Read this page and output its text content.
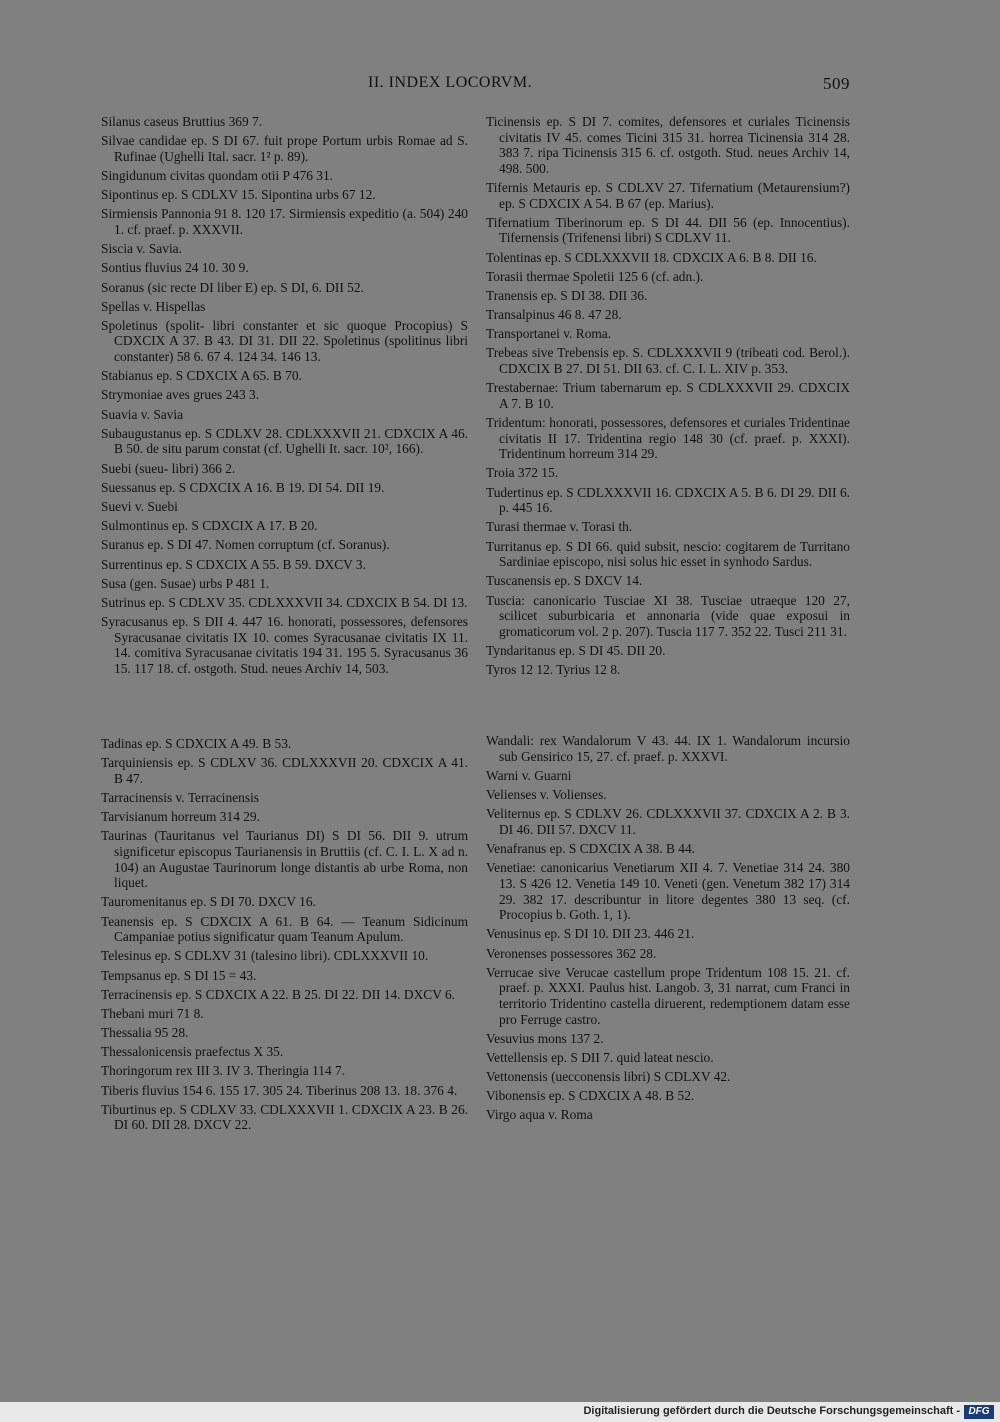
II. INDEX LOCORVM.	509
Silanus caseus Bruttius 369 7.
Silvae candidae ep. S DI 67. fuit prope Portum urbis Romae ad S. Rufinae (Ughelli Ital. sacr. 1² p. 89).
Singidunum civitas quondam otii P 476 31.
Sipontinus ep. S CDLXV 15. Sipontina urbs 67 12.
Sirmiensis Pannonia 91 8. 120 17. Sirmiensis expeditio (a. 504) 240 1. cf. praef. p. XXXVII.
Siscia v. Savia.
Sontius fluvius 24 10. 30 9.
Soranus (sic recte DI liber E) ep. S DI, 6. DII 52.
Spellas v. Hispellas
Spoletinus (spolit- libri constanter et sic quoque Procopius) S CDXCIX A 37. B 43. DI 31. DII 22. Spoletinus (spolitinus libri constanter) 58 6. 67 4. 124 34. 146 13.
Stabianus ep. S CDXCIX A 65. B 70.
Strymoniae aves grues 243 3.
Suavia v. Savia
Subaugustanus ep. S CDLXV 28. CDLXXXVII 21. CDXCIX A 46. B 50. de situ parum constat (cf. Ughelli It. sacr. 10², 166).
Suebi (sueu- libri) 366 2.
Suessanus ep. S CDXCIX A 16. B 19. DI 54. DII 19.
Suevi v. Suebi
Sulmontinus ep. S CDXCIX A 17. B 20.
Suranus ep. S DI 47. Nomen corruptum (cf. Soranus).
Surrentinus ep. S CDXCIX A 55. B 59. DXCV 3.
Susa (gen. Susae) urbs P 481 1.
Sutrinus ep. S CDLXV 35. CDLXXXVII 34. CDXCIX B 54. DI 13.
Syracusanus ep. S DII 4. 447 16. honorati, possessores, defensores Syracusanae civitatis IX 10. comes Syracusanae civitatis IX 11. 14. comitiva Syracusanae civitatis 194 31. 195 5. Syracusanus 36 15. 117 18. cf. ostgoth. Stud. neues Archiv 14, 503.
Tadinas ep. S CDXCIX A 49. B 53.
Tarquiniensis ep. S CDLXV 36. CDLXXXVII 20. CDXCIX A 41. B 47.
Tarracinensis v. Terracinensis
Tarvisianum horreum 314 29.
Taurinas (Tauritanus vel Taurianus DI) S DI 56. DII 9. utrum significetur episcopus Taurianensis in Bruttiis (cf. C. I. L. X ad n. 104) an Augustae Taurinorum longe distantis ab urbe Roma, non liquet.
Tauromenitanus ep. S DI 70. DXCV 16.
Teanensis ep. S CDXCIX A 61. B 64. — Teanum Sidicinum Campaniae potius significatur quam Teanum Apulum.
Telesinus ep. S CDLXV 31 (talesino libri). CDLXXXVII 10.
Tempsanus ep. S DI 15 = 43.
Terracinensis ep. S CDXCIX A 22. B 25. DI 22. DII 14. DXCV 6.
Thebani muri 71 8.
Thessalia 95 28.
Thessalonicensis praefectus X 35.
Thoringorum rex III 3. IV 3. Theringia 114 7.
Tiberis fluvius 154 6. 155 17. 305 24. Tiberinus 208 13. 18. 376 4.
Tiburtinus ep. S CDLXV 33. CDLXXXVII 1. CDXCIX A 23. B 26. DI 60. DII 28. DXCV 22.
Ticinensis ep. S DI 7. comites, defensores et curiales Ticinensis civitatis IV 45. comes Ticini 315 31. horrea Ticinensia 314 28. 383 7. ripa Ticinensis 315 6. cf. ostgoth. Stud. neues Archiv 14, 498. 500.
Tifernis Metauris ep. S CDLXV 27. Tifernatium (Metaurensium?) ep. S CDXCIX A 54. B 67 (ep. Marius).
Tifernatium Tiberinorum ep. S DI 44. DII 56 (ep. Innocentius). Tifernensis (Trifenensi libri) S CDLXV 11.
Tolentinas ep. S CDLXXXVII 18. CDXCIX A 6. B 8. DII 16.
Torasii thermae Spoletii 125 6 (cf. adn.).
Tranensis ep. S DI 38. DII 36.
Transalpinus 46 8. 47 28.
Transportanei v. Roma.
Trebeas sive Trebensis ep. S. CDLXXXVII 9 (tribeati cod. Berol.). CDXCIX B 27. DI 51. DII 63. cf. C. I. L. XIV p. 353.
Trestabernae: Trium tabernarum ep. S CDLXXXVII 29. CDXCIX A 7. B 10.
Tridentum: honorati, possessores, defensores et curiales Tridentinae civitatis II 17. Tridentina regio 148 30 (cf. praef. p. XXXI). Tridentinum horreum 314 29.
Troia 372 15.
Tudertinus ep. S CDLXXXVII 16. CDXCIX A 5. B 6. DI 29. DII 6. p. 445 16.
Turasi thermae v. Torasi th.
Turritanus ep. S DI 66. quid subsit, nescio: cogitarem de Turritano Sardiniae episcopo, nisi solus hic esset in synhodo Sardus.
Tuscanensis ep. S DXCV 14.
Tuscia: canonicario Tusciae XI 38. Tusciae utraeque 120 27, scilicet suburbicaria et annonaria (vide quae exposui in gromaticorum vol. 2 p. 207). Tuscia 117 7. 352 22. Tusci 211 31.
Tyndaritanus ep. S DI 45. DII 20.
Tyros 12 12. Tyrius 12 8.
Wandali: rex Wandalorum V 43. 44. IX 1. Wandalorum incursio sub Gensirico 15, 27. cf. praef. p. XXXVI.
Warni v. Guarni
Velienses v. Volienses.
Veliternus ep. S CDLXV 26. CDLXXXVII 37. CDXCIX A 2. B 3. DI 46. DII 57. DXCV 11.
Venafranus ep. S CDXCIX A 38. B 44.
Venetiae: canonicarius Venetiarum XII 4. 7. Venetiae 314 24. 380 13. S 426 12. Venetia 149 10. Veneti (gen. Venetum 382 17) 314 29. 382 17. describuntur in litore degentes 380 13 seq. (cf. Procopius b. Goth. 1, 1).
Venusinus ep. S DI 10. DII 23. 446 21.
Veronenses possessores 362 28.
Verrucae sive Verucae castellum prope Tridentum 108 15. 21. cf. praef. p. XXXI. Paulus hist. Langob. 3, 31 narrat, cum Franci in territorio Tridentino castella diruerent, redemptionem datam esse pro Ferruge castro.
Vesuvius mons 137 2.
Vettellensis ep. S DII 7. quid lateat nescio.
Vettonensis (uecconensis libri) S CDLXV 42.
Vibonensis ep. S CDXCIX A 48. B 52.
Virgo aqua v. Roma
Digitalisierung gefördert durch die Deutsche Forschungsgemeinschaft - DFG
